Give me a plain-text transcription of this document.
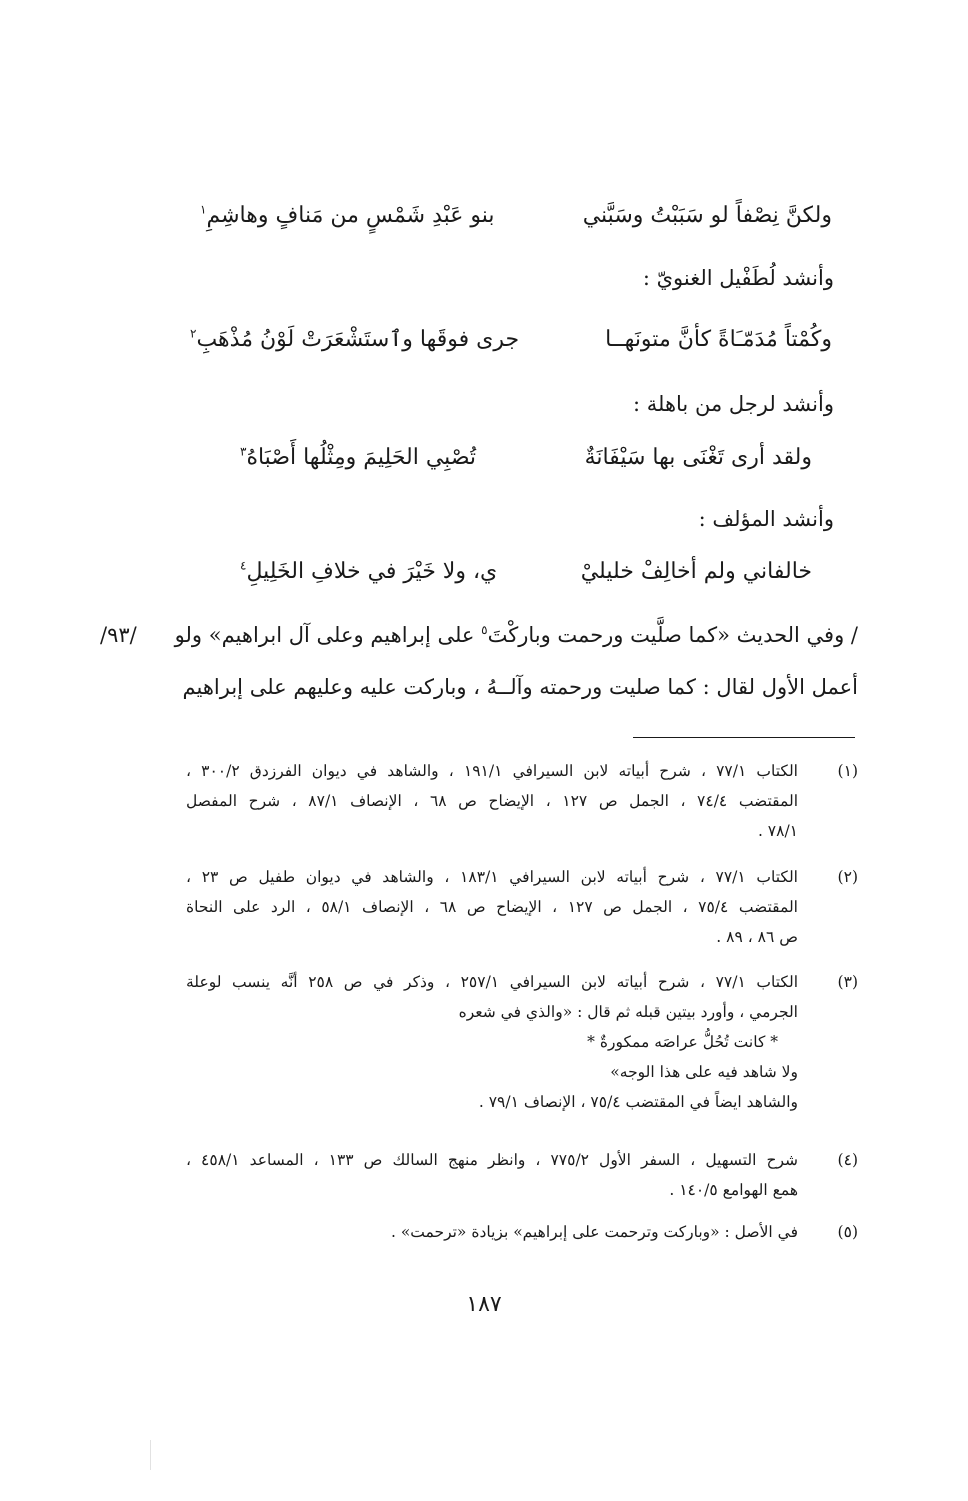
ولكنَّ نِصْفاً لو سَبَبْتُ وسَبَّني
بنو عَبْدِ شَمْسٍ من مَنافٍ وهاشِمِ$^١$
وأنشد لُطَفْيل الغنويّ :
وكُمْتاً مُدَمّـَاةً كأنَّ متونَهــا
جرى فوقَها وٱستَشْعَرَتْ لَوْنُ مُذْهَبِ$^٢$
وأنشد لرجل من باهلة :
ولقد أرى تَغْنَى بها سَيْفَانَةٌ
تُصْبِي الحَلِيمَ ومِثْلُها أَصْبَاهُ$^٣$
وأنشد المؤلف :
خالفاني ولم أخالِفْ خليليْ
ي، ولا خَيْرَ في خلافِ الخَلِيلِ$^٤$
/ وفي الحديث «كما صلَّيت ورحمت وباركْتَ$^٥$ على إبراهيم وعلى آل ابراهيم» ولو
/٩٣/
أعمل الأول لقال : كما صليت ورحمته وآلــهُ ، وباركت عليه وعليهم على إبراهيم
(١)
الكتاب ٧٧/١ ، شرح أبياته لابن السيرافي ١٩١/١ ، والشاهد في ديوان الفرزدق ٣٠٠/٢ ،
المقتضب ٧٤/٤ ، الجمل ص ١٢٧ ، الإيضاح ص ٦٨ ، الإنصاف ٨٧/١ ، شرح المفصل
٧٨/١ .
(٢)
الكتاب ٧٧/١ ، شرح أبياته لابن السيرافي ١٨٣/١ ، والشاهد في ديوان طفيل ص ٢٣ ،
المقتضب ٧٥/٤ ، الجمل ص ١٢٧ ، الإيضاح ص ٦٨ ، الإنصاف ٥٨/١ ، الرد على النحاة
ص ٨٦ ، ٨٩ .
(٣)
الكتاب ٧٧/١ ، شرح أبياته لابن السيرافي ٢٥٧/١ ، وذكر في ص ٢٥٨ أنَّه ينسب لوعلة
الجرمي ، وأورد بيتين قبله ثم قال : «والذي في شعره
* كانت تُحُلُّ عراصَه ممكورةٌ *
ولا شاهد فيه على هذا الوجه»
والشاهد ايضاً في المقتضب ٧٥/٤ ، الإنصاف ٧٩/١ .
(٤)
شرح التسهيل ، السفر الأول ٧٧٥/٢ ، وانظر منهج السالك ص ١٣٣ ، المساعد ٤٥٨/١ ،
همع الهوامع ١٤٠/٥ .
(٥)
في الأصل : «وباركت وترحمت على إبراهيم» بزيادة «ترحمت» .
١٨٧
